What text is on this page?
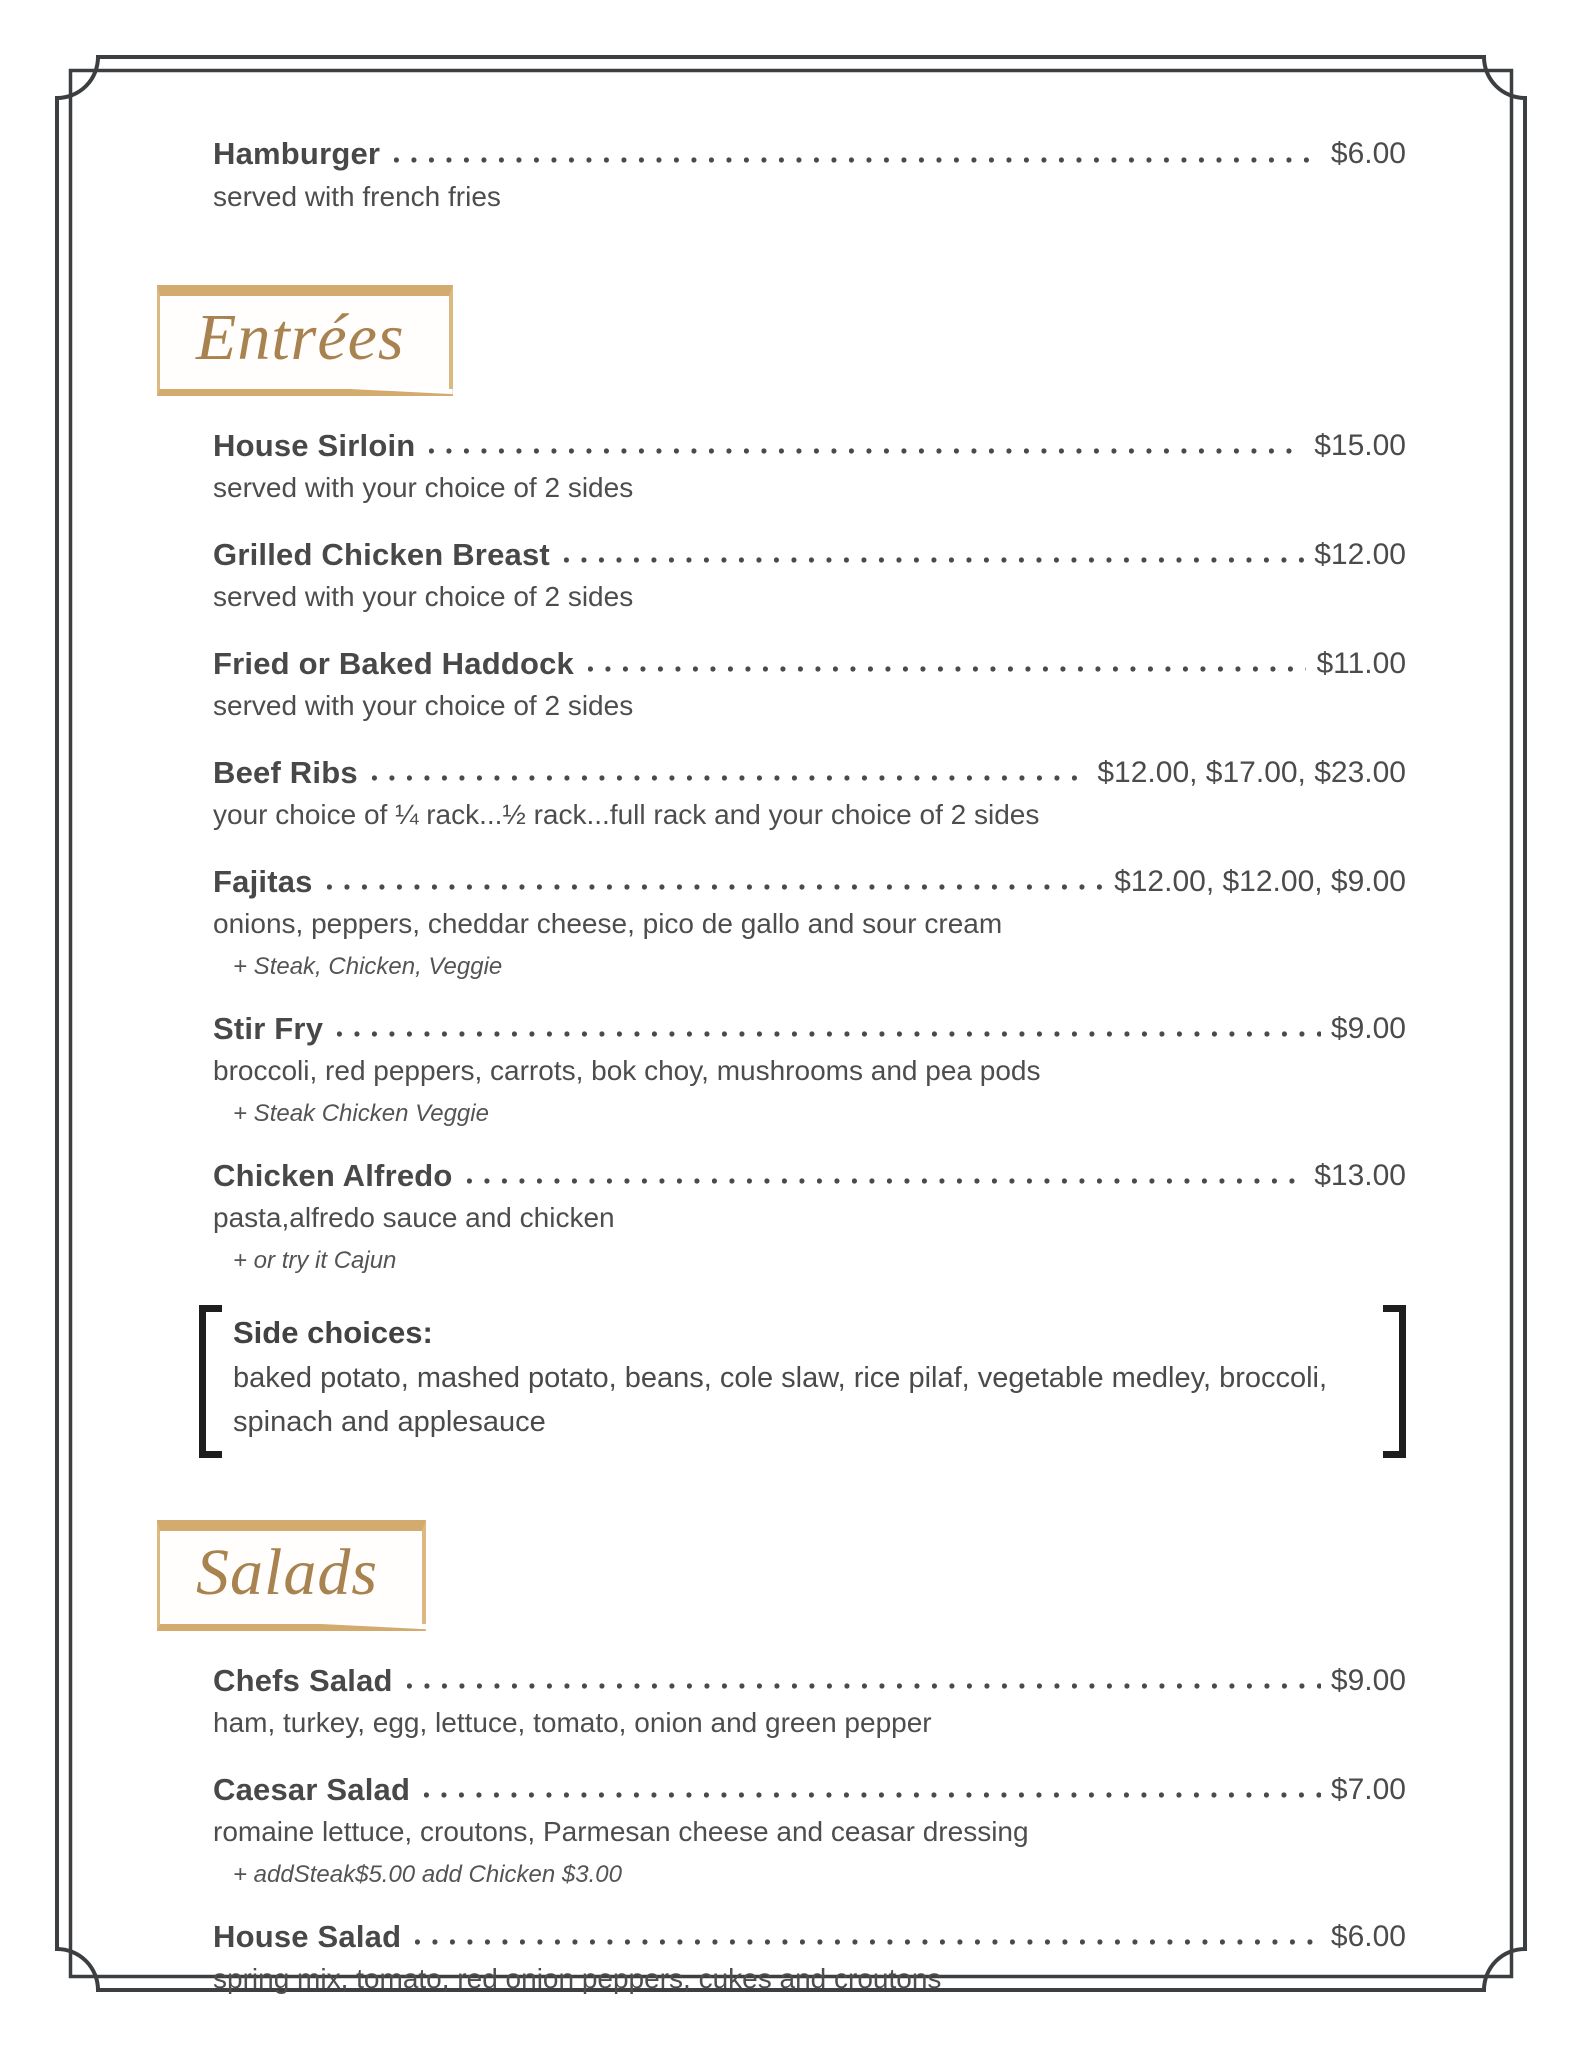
Hamburger	$6.00
served with french fries
Entrées
House Sirloin	$15.00
served with your choice of 2 sides
Grilled Chicken Breast	$12.00
served with your choice of 2 sides
Fried or Baked Haddock	$11.00
served with your choice of 2 sides
Beef Ribs	$12.00, $17.00, $23.00
your choice of ¼ rack...½ rack...full rack and your choice of 2 sides
Fajitas	$12.00, $12.00, $9.00
onions, peppers, cheddar cheese, pico de gallo and sour cream
+ Steak, Chicken, Veggie
Stir Fry	$9.00
broccoli, red peppers, carrots, bok choy, mushrooms and pea pods
+ Steak Chicken Veggie
Chicken Alfredo	$13.00
pasta,alfredo sauce and chicken
+ or try it Cajun
Side choices:
baked potato, mashed potato, beans, cole slaw, rice pilaf, vegetable medley, broccoli, spinach and applesauce
Salads
Chefs Salad	$9.00
ham, turkey, egg, lettuce, tomato, onion and green pepper
Caesar Salad	$7.00
romaine lettuce, croutons, Parmesan cheese and ceasar dressing
+ addSteak$5.00 add Chicken $3.00
House Salad	$6.00
spring mix, tomato, red onion peppers, cukes and croutons
